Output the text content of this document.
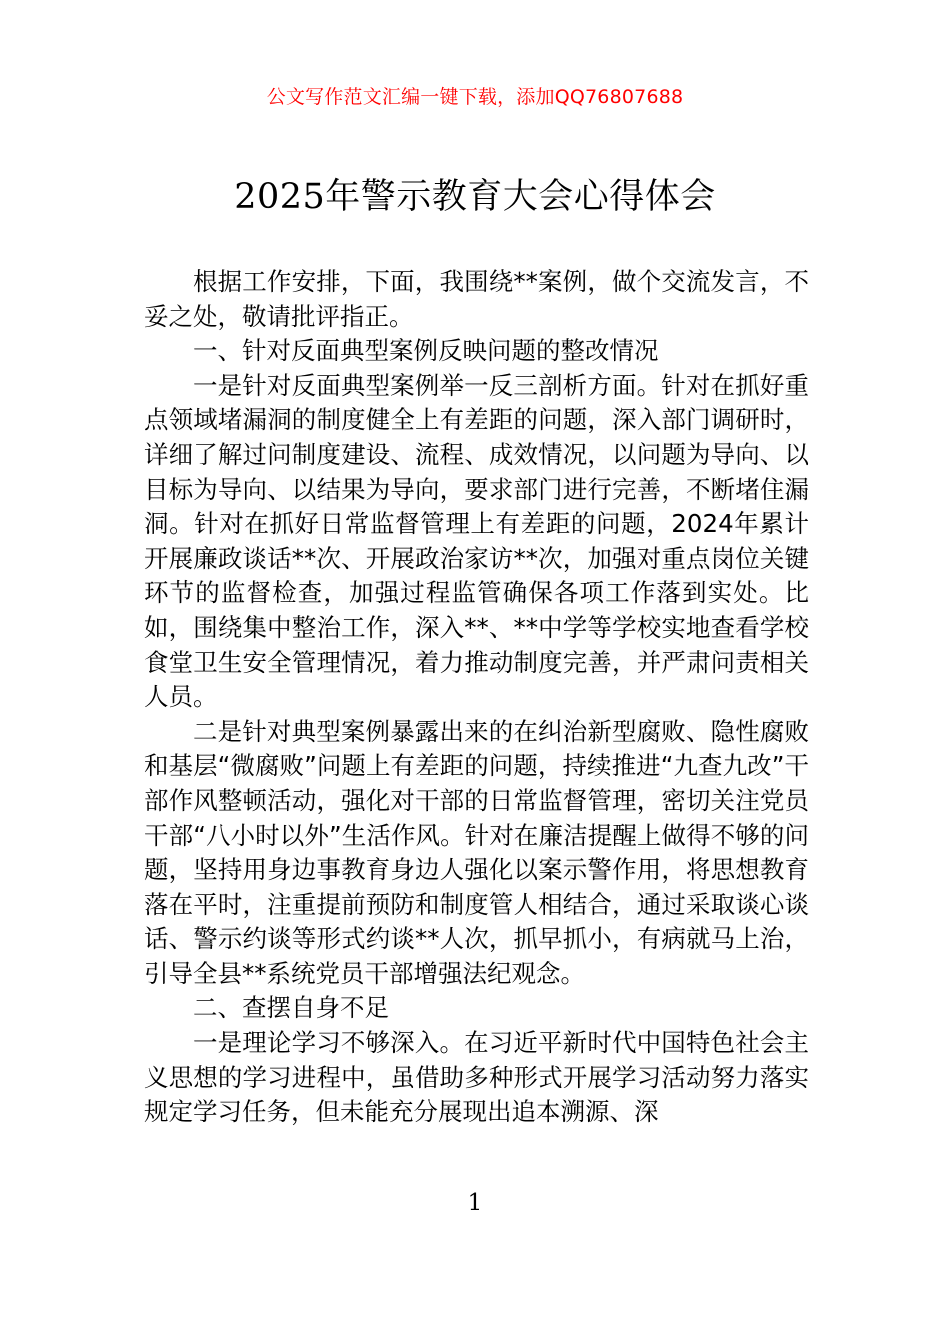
公文写作范文汇编一键下载，添加QQ76807688
2025年警示教育大会心得体会

根据工作安排，下面，我围绕**案例，做个交流发言，不妥之处，敬请批评指正。

一、针对反面典型案例反映问题的整改情况

一是针对反面典型案例举一反三剖析方面。针对在抓好重点领域堵漏洞的制度健全上有差距的问题，深入部门调研时，详细了解过问制度建设、流程、成效情况，以问题为导向、以目标为导向、以结果为导向，要求部门进行完善，不断堵住漏洞。针对在抓好日常监督管理上有差距的问题，2024年累计开展廉政谈话**次、开展政治家访**次，加强对重点岗位关键环节的监督检查，加强过程监管确保各项工作落到实处。比如，围绕集中整治工作，深入**、**中学等学校实地查看学校食堂卫生安全管理情况，着力推动制度完善，并严肃问责相关人员。

二是针对典型案例暴露出来的在纠治新型腐败、隐性腐败和基层“微腐败”问题上有差距的问题，持续推进“九查九改”干部作风整顿活动，强化对干部的日常监督管理，密切关注党员干部“八小时以外”生活作风。针对在廉洁提醒上做得不够的问题，坚持用身边事教育身边人强化以案示警作用，将思想教育落在平时，注重提前预防和制度管人相结合，通过采取谈心谈话、警示约谈等形式约谈**人次，抓早抓小，有病就马上治，引导全县**系统党员干部增强法纪观念。

二、查摆自身不足

一是理论学习不够深入。在习近平新时代中国特色社会主义思想的学习进程中，虽借助多种形式开展学习活动努力落实规定学习任务，但未能充分展现出追本溯源、深

1
